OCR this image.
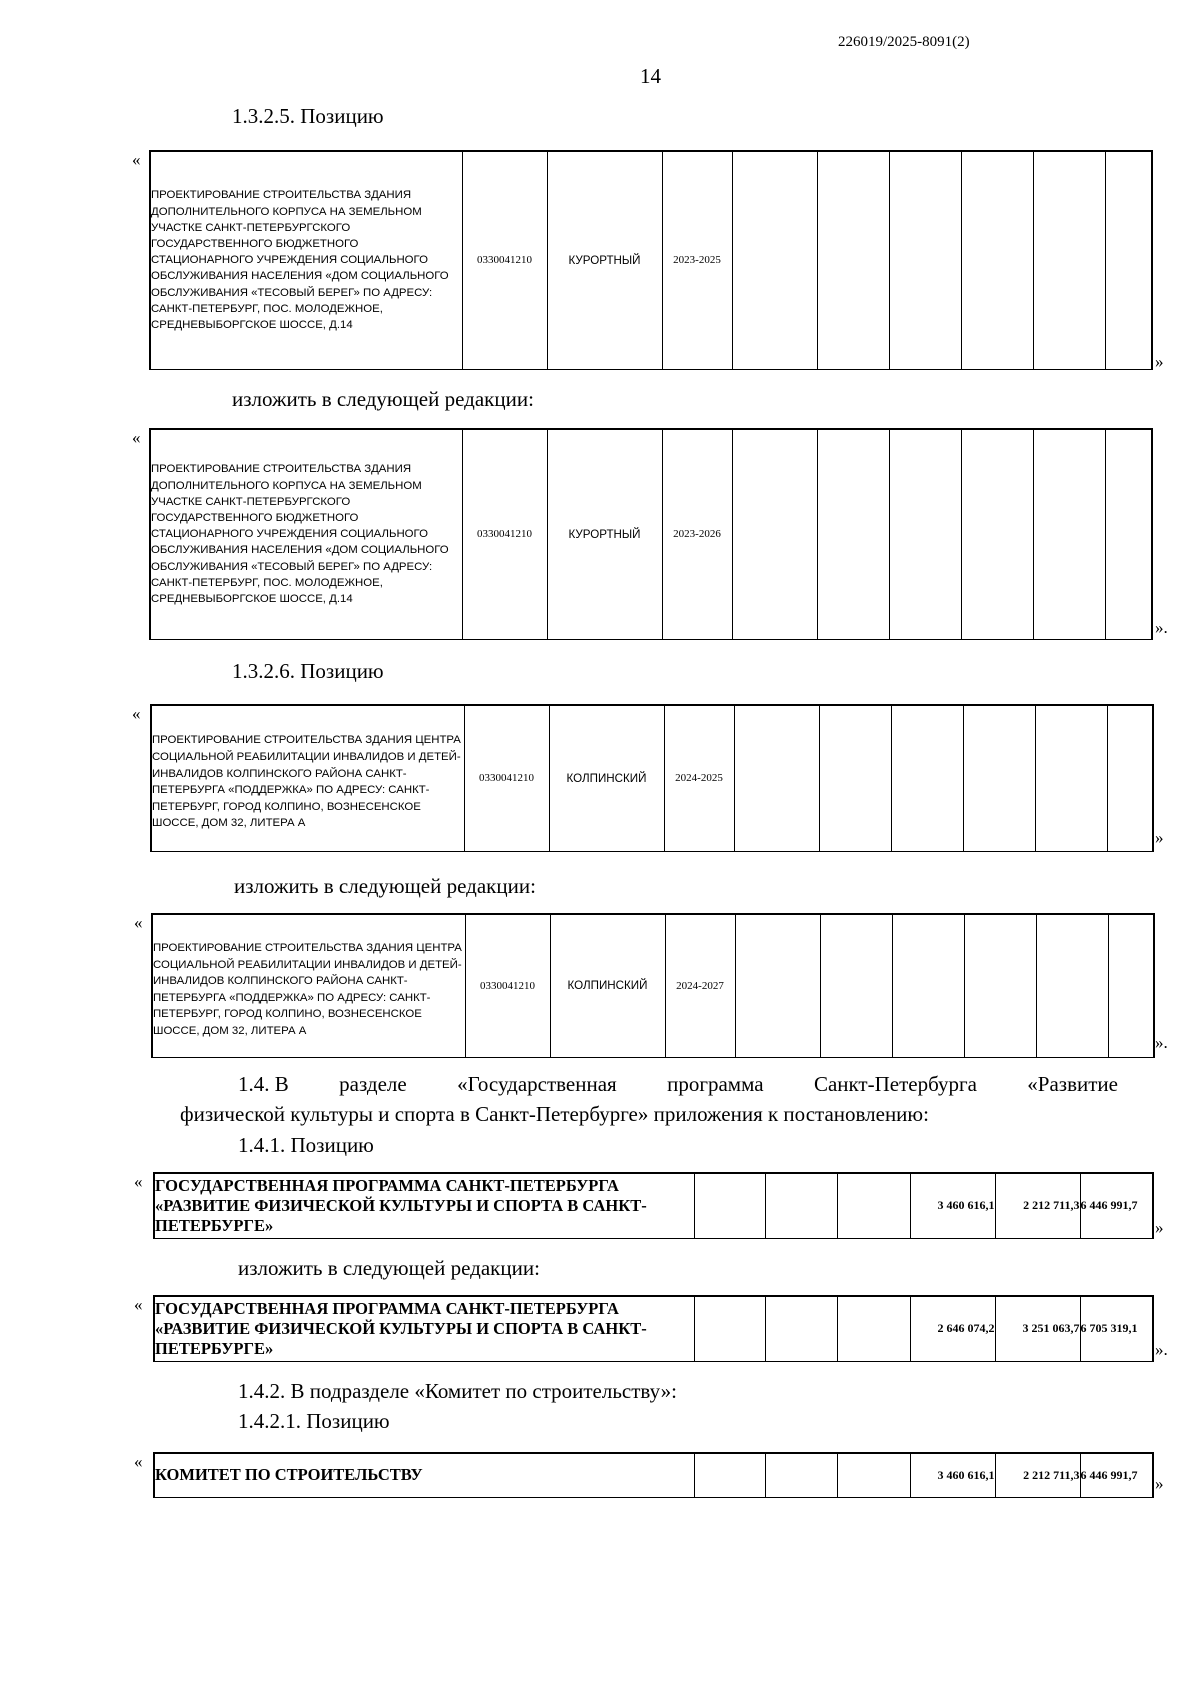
226019/2025-8091(2)
14
1.3.2.5. Позицию
«
ПРОЕКТИРОВАНИЕ СТРОИТЕЛЬСТВА ЗДАНИЯ ДОПОЛНИТЕЛЬНОГО КОРПУСА НА ЗЕМЕЛЬНОМ УЧАСТКЕ САНКТ-ПЕТЕРБУРГСКОГО ГОСУДАРСТВЕННОГО БЮДЖЕТНОГО СТАЦИОНАРНОГО УЧРЕЖДЕНИЯ СОЦИАЛЬНОГО ОБСЛУЖИВАНИЯ НАСЕЛЕНИЯ «ДОМ СОЦИАЛЬНОГО ОБСЛУЖИВАНИЯ «ТЕСОВЫЙ БЕРЕГ» ПО АДРЕСУ: САНКТ-ПЕТЕРБУРГ, ПОС. МОЛОДЕЖНОЕ, СРЕДНЕВЫБОРГСКОЕ ШОССЕ, Д.14	0330041210	КУРОРТНЫЙ	2023-2025						
»
изложить в следующей редакции:
«
ПРОЕКТИРОВАНИЕ СТРОИТЕЛЬСТВА ЗДАНИЯ ДОПОЛНИТЕЛЬНОГО КОРПУСА НА ЗЕМЕЛЬНОМ УЧАСТКЕ САНКТ-ПЕТЕРБУРГСКОГО ГОСУДАРСТВЕННОГО БЮДЖЕТНОГО СТАЦИОНАРНОГО УЧРЕЖДЕНИЯ СОЦИАЛЬНОГО ОБСЛУЖИВАНИЯ НАСЕЛЕНИЯ «ДОМ СОЦИАЛЬНОГО ОБСЛУЖИВАНИЯ «ТЕСОВЫЙ БЕРЕГ» ПО АДРЕСУ: САНКТ-ПЕТЕРБУРГ, ПОС. МОЛОДЕЖНОЕ, СРЕДНЕВЫБОРГСКОЕ ШОССЕ, Д.14	0330041210	КУРОРТНЫЙ	2023-2026						
».
1.3.2.6. Позицию
«
ПРОЕКТИРОВАНИЕ СТРОИТЕЛЬСТВА ЗДАНИЯ ЦЕНТРА СОЦИАЛЬНОЙ РЕАБИЛИТАЦИИ ИНВАЛИДОВ И ДЕТЕЙ-ИНВАЛИДОВ КОЛПИНСКОГО РАЙОНА САНКТ-ПЕТЕРБУРГА «ПОДДЕРЖКА» ПО АДРЕСУ: САНКТ-ПЕТЕРБУРГ, ГОРОД КОЛПИНО, ВОЗНЕСЕНСКОЕ ШОССЕ, ДОМ 32, ЛИТЕРА А	0330041210	КОЛПИНСКИЙ	2024-2025						
»
изложить в следующей редакции:
«
ПРОЕКТИРОВАНИЕ СТРОИТЕЛЬСТВА ЗДАНИЯ ЦЕНТРА СОЦИАЛЬНОЙ РЕАБИЛИТАЦИИ ИНВАЛИДОВ И ДЕТЕЙ-ИНВАЛИДОВ КОЛПИНСКОГО РАЙОНА САНКТ-ПЕТЕРБУРГА «ПОДДЕРЖКА» ПО АДРЕСУ: САНКТ-ПЕТЕРБУРГ, ГОРОД КОЛПИНО, ВОЗНЕСЕНСКОЕ ШОССЕ, ДОМ 32, ЛИТЕРА А	0330041210	КОЛПИНСКИЙ	2024-2027						
».
1.4. В разделе «Государственная программа Санкт-Петербурга «Развитие
физической культуры и спорта в Санкт-Петербурге» приложения к постановлению:
1.4.1. Позицию
« ГОСУДАРСТВЕННАЯ ПРОГРАММА САНКТ-ПЕТЕРБУРГА «РАЗВИТИЕ ФИЗИЧЕСКОЙ КУЛЬТУРЫ И СПОРТА В САНКТ-ПЕТЕРБУРГЕ»				3 460 616,1	2 212 711,3	6 446 991,7
»
изложить в следующей редакции:
« ГОСУДАРСТВЕННАЯ ПРОГРАММА САНКТ-ПЕТЕРБУРГА «РАЗВИТИЕ ФИЗИЧЕСКОЙ КУЛЬТУРЫ И СПОРТА В САНКТ-ПЕТЕРБУРГЕ»				2 646 074,2	3 251 063,7	6 705 319,1
».
1.4.2. В подразделе «Комитет по строительству»:
1.4.2.1. Позицию
«
КОМИТЕТ ПО СТРОИТЕЛЬСТВУ				3 460 616,1	2 212 711,3	6 446 991,7 »
